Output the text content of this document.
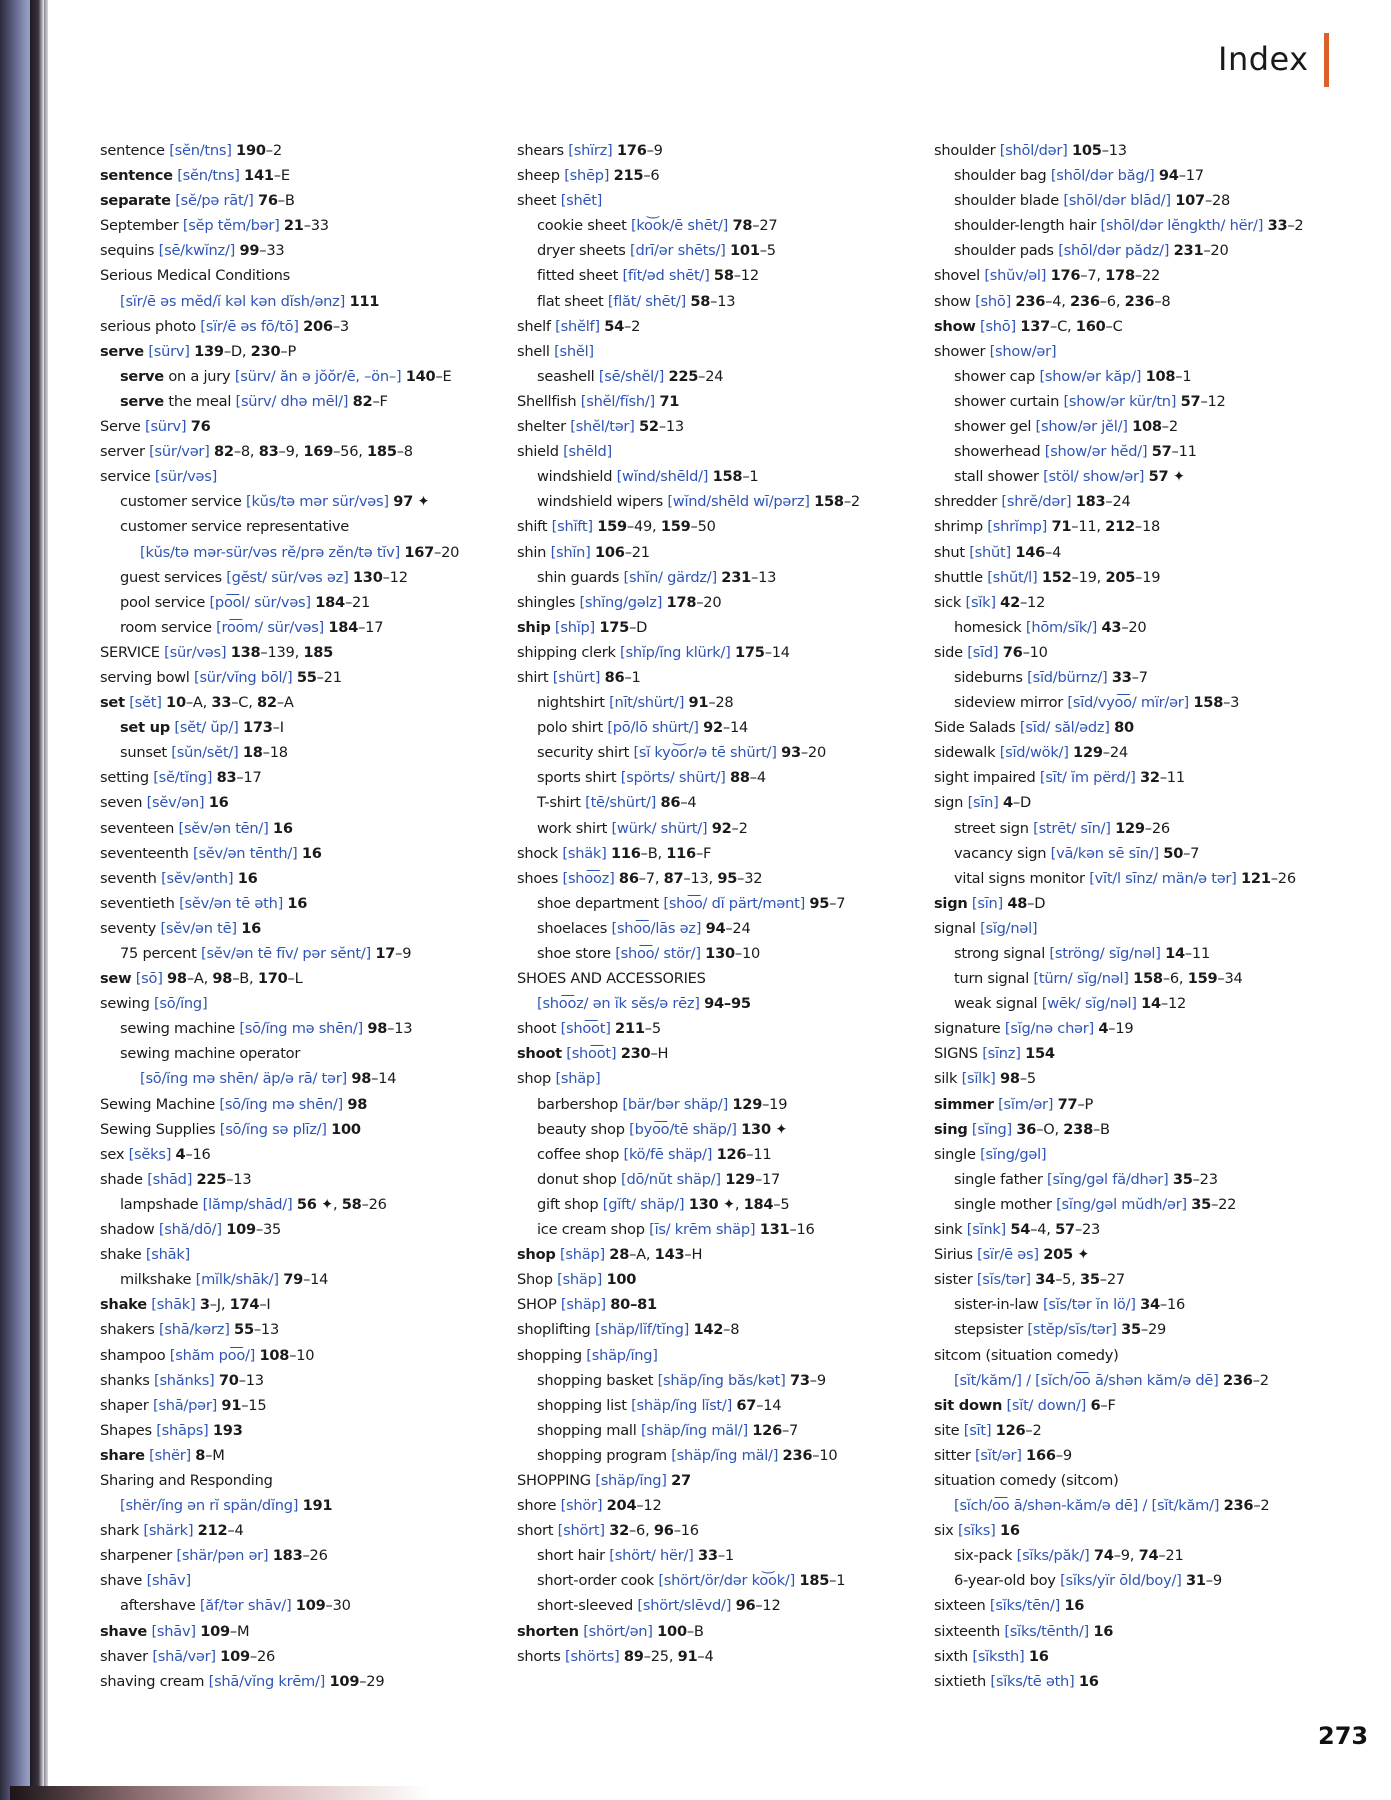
Index
sentence [sĕn/tns] 190–2
sentence [sĕn/tns] 141–E
separate [sĕ/pə rāt/] 76–B
September [sĕp tĕm/bər] 21–33
sequins [sē/kwĭnz/] 99–33
Serious Medical Conditions
[sïr/ē əs mĕd/ĭ kəl kən dĭsh/ənz] 111
serious photo [sïr/ē əs fō/tō] 206–3
serve [sürv] 139–D, 230–P
serve on a jury [sürv/ ăn ə jŏŏr/ē, –ön–] 140–E
serve the meal [sürv/ dhə mēl/] 82–F
Serve [sürv] 76
server [sür/vər] 82–8, 83–9, 169–56, 185–8
service [sür/vəs]
customer service [kŭs/tə mər sür/vəs] 97 ✦
customer service representative
[kŭs/tə mər-sür/vəs rĕ/prə zĕn/tə tĭv] 167–20
guest services [gĕst/ sür/vəs əz] 130–12
pool service [po͞ol/ sür/vəs] 184–21
room service [ro͞om/ sür/vəs] 184–17
SERVICE [sür/vəs] 138–139, 185
serving bowl [sür/vĭng bōl/] 55–21
set [sĕt] 10–A, 33–C, 82–A
set up [sĕt/ ŭp/] 173–I
sunset [sŭn/sĕt/] 18–18
setting [sĕ/tĭng] 83–17
seven [sĕv/ən] 16
seventeen [sĕv/ən tēn/] 16
seventeenth [sĕv/ən tēnth/] 16
seventh [sĕv/ənth] 16
seventieth [sĕv/ən tē əth] 16
seventy [sĕv/ən tē] 16
75 percent [sĕv/ən tē fīv/ pər sĕnt/] 17–9
sew [sō] 98–A, 98–B, 170–L
sewing [sō/ĭng]
sewing machine [sō/ĭng mə shēn/] 98–13
sewing machine operator
[sō/ĭng mə shēn/ äp/ə rā/ tər] 98–14
Sewing Machine [sō/ĭng mə shēn/] 98
Sewing Supplies [sō/ĭng sə plīz/] 100
sex [sĕks] 4–16
shade [shād] 225–13
lampshade [lămp/shād/] 56 ✦, 58–26
shadow [shă/dō/] 109–35
shake [shāk]
milkshake [mĭlk/shāk/] 79–14
shake [shāk] 3–J, 174–I
shakers [shā/kərz] 55–13
shampoo [shăm po͞o/] 108–10
shanks [shănks] 70–13
shaper [shā/pər] 91–15
Shapes [shāps] 193
share [shër] 8–M
Sharing and Responding
[shër/ĭng ən rĭ spän/dĭng] 191
shark [shärk] 212–4
sharpener [shär/pən ər] 183–26
shave [shāv]
aftershave [ăf/tər shāv/] 109–30
shave [shāv] 109–M
shaver [shā/vər] 109–26
shaving cream [shā/vĭng krēm/] 109–29
shears [shïrz] 176–9
sheep [shēp] 215–6
sheet [shēt]
cookie sheet [ko͝ok/ē shēt/] 78–27
dryer sheets [drī/ər shēts/] 101–5
fitted sheet [fĭt/əd shēt/] 58–12
flat sheet [flăt/ shēt/] 58–13
shelf [shĕlf] 54–2
shell [shĕl]
seashell [sē/shĕl/] 225–24
Shellfish [shĕl/fĭsh/] 71
shelter [shĕl/tər] 52–13
shield [shēld]
windshield [wĭnd/shēld/] 158–1
windshield wipers [wĭnd/shēld wī/pərz] 158–2
shift [shĭft] 159–49, 159–50
shin [shĭn] 106–21
shin guards [shĭn/ gärdz/] 231–13
shingles [shĭng/gəlz] 178–20
ship [shĭp] 175–D
shipping clerk [shĭp/ĭng klürk/] 175–14
shirt [shürt] 86–1
nightshirt [nīt/shürt/] 91–28
polo shirt [pō/lō shürt/] 92–14
security shirt [sĭ kyo͝or/ə tē shürt/] 93–20
sports shirt [spörts/ shürt/] 88–4
T-shirt [tē/shürt/] 86–4
work shirt [würk/ shürt/] 92–2
shock [shäk] 116–B, 116–F
shoes [sho͞oz] 86–7, 87–13, 95–32
shoe department [sho͞o/ dĭ pärt/mənt] 95–7
shoelaces [sho͞o/lās əz] 94–24
shoe store [sho͞o/ stör/] 130–10
SHOES AND ACCESSORIES
[sho͞oz/ ən ĭk sĕs/ə rēz] 94–95
shoot [sho͞ot] 211–5
shoot [sho͞ot] 230–H
shop [shäp]
barbershop [bär/bər shäp/] 129–19
beauty shop [byo͞o/tē shäp/] 130 ✦
coffee shop [kö/fē shäp/] 126–11
donut shop [dō/nŭt shäp/] 129–17
gift shop [gĭft/ shäp/] 130 ✦, 184–5
ice cream shop [īs/ krēm shäp] 131–16
shop [shäp] 28–A, 143–H
Shop [shäp] 100
SHOP [shäp] 80–81
shoplifting [shäp/lĭf/tĭng] 142–8
shopping [shäp/ĭng]
shopping basket [shäp/ĭng băs/kət] 73–9
shopping list [shäp/ĭng lĭst/] 67–14
shopping mall [shäp/ĭng mäl/] 126–7
shopping program [shäp/ĭng mäl/] 236–10
SHOPPING [shäp/ĭng] 27
shore [shör] 204–12
short [shört] 32–6, 96–16
short hair [shört/ hër/] 33–1
short-order cook [shört/ör/dər ko͝ok/] 185–1
short-sleeved [shört/slēvd/] 96–12
shorten [shört/ən] 100–B
shorts [shörts] 89–25, 91–4
shoulder [shōl/dər] 105–13
shoulder bag [shōl/dər băg/] 94–17
shoulder blade [shōl/dər blād/] 107–28
shoulder-length hair [shōl/dər lĕngkth/ hër/] 33–2
shoulder pads [shōl/dər pădz/] 231–20
shovel [shŭv/əl] 176–7, 178–22
show [shō] 236–4, 236–6, 236–8
show [shō] 137–C, 160–C
shower [show/ər]
shower cap [show/ər kăp/] 108–1
shower curtain [show/ər kür/tn] 57–12
shower gel [show/ər jĕl/] 108–2
showerhead [show/ər hĕd/] 57–11
stall shower [stöl/ show/ər] 57 ✦
shredder [shrĕ/dər] 183–24
shrimp [shrĭmp] 71–11, 212–18
shut [shŭt] 146–4
shuttle [shŭt/l] 152–19, 205–19
sick [sĭk] 42–12
homesick [hōm/sĭk/] 43–20
side [sīd] 76–10
sideburns [sīd/bürnz/] 33–7
sideview mirror [sīd/vyo͞o/ mïr/ər] 158–3
Side Salads [sīd/ săl/ədz] 80
sidewalk [sīd/wök/] 129–24
sight impaired [sīt/ ĭm përd/] 32–11
sign [sīn] 4–D
street sign [strēt/ sīn/] 129–26
vacancy sign [vā/kən sē sīn/] 50–7
vital signs monitor [vīt/l sīnz/ män/ə tər] 121–26
sign [sīn] 48–D
signal [sĭg/nəl]
strong signal [ströng/ sĭg/nəl] 14–11
turn signal [türn/ sĭg/nəl] 158–6, 159–34
weak signal [wēk/ sĭg/nəl] 14–12
signature [sĭg/nə chər] 4–19
SIGNS [sīnz] 154
silk [sĭlk] 98–5
simmer [sĭm/ər] 77–P
sing [sĭng] 36–O, 238–B
single [sĭng/gəl]
single father [sĭng/gəl fä/dhər] 35–23
single mother [sĭng/gəl mŭdh/ər] 35–22
sink [sĭnk] 54–4, 57–23
Sirius [sïr/ē əs] 205 ✦
sister [sĭs/tər] 34–5, 35–27
sister-in-law [sĭs/tər ĭn lö/] 34–16
stepsister [stĕp/sĭs/tər] 35–29
sitcom (situation comedy)
[sĭt/kăm/] / [sĭch/o͞o ā/shən kăm/ə dē] 236–2
sit down [sĭt/ down/] 6–F
site [sīt] 126–2
sitter [sĭt/ər] 166–9
situation comedy (sitcom)
[sĭch/o͞o ā/shən-kăm/ə dē] / [sĭt/kăm/] 236–2
six [sĭks] 16
six-pack [sĭks/păk/] 74–9, 74–21
6-year-old boy [sĭks/yïr ōld/boy/] 31–9
sixteen [sĭks/tēn/] 16
sixteenth [sĭks/tēnth/] 16
sixth [sĭksth] 16
sixtieth [sĭks/tē əth] 16
273
